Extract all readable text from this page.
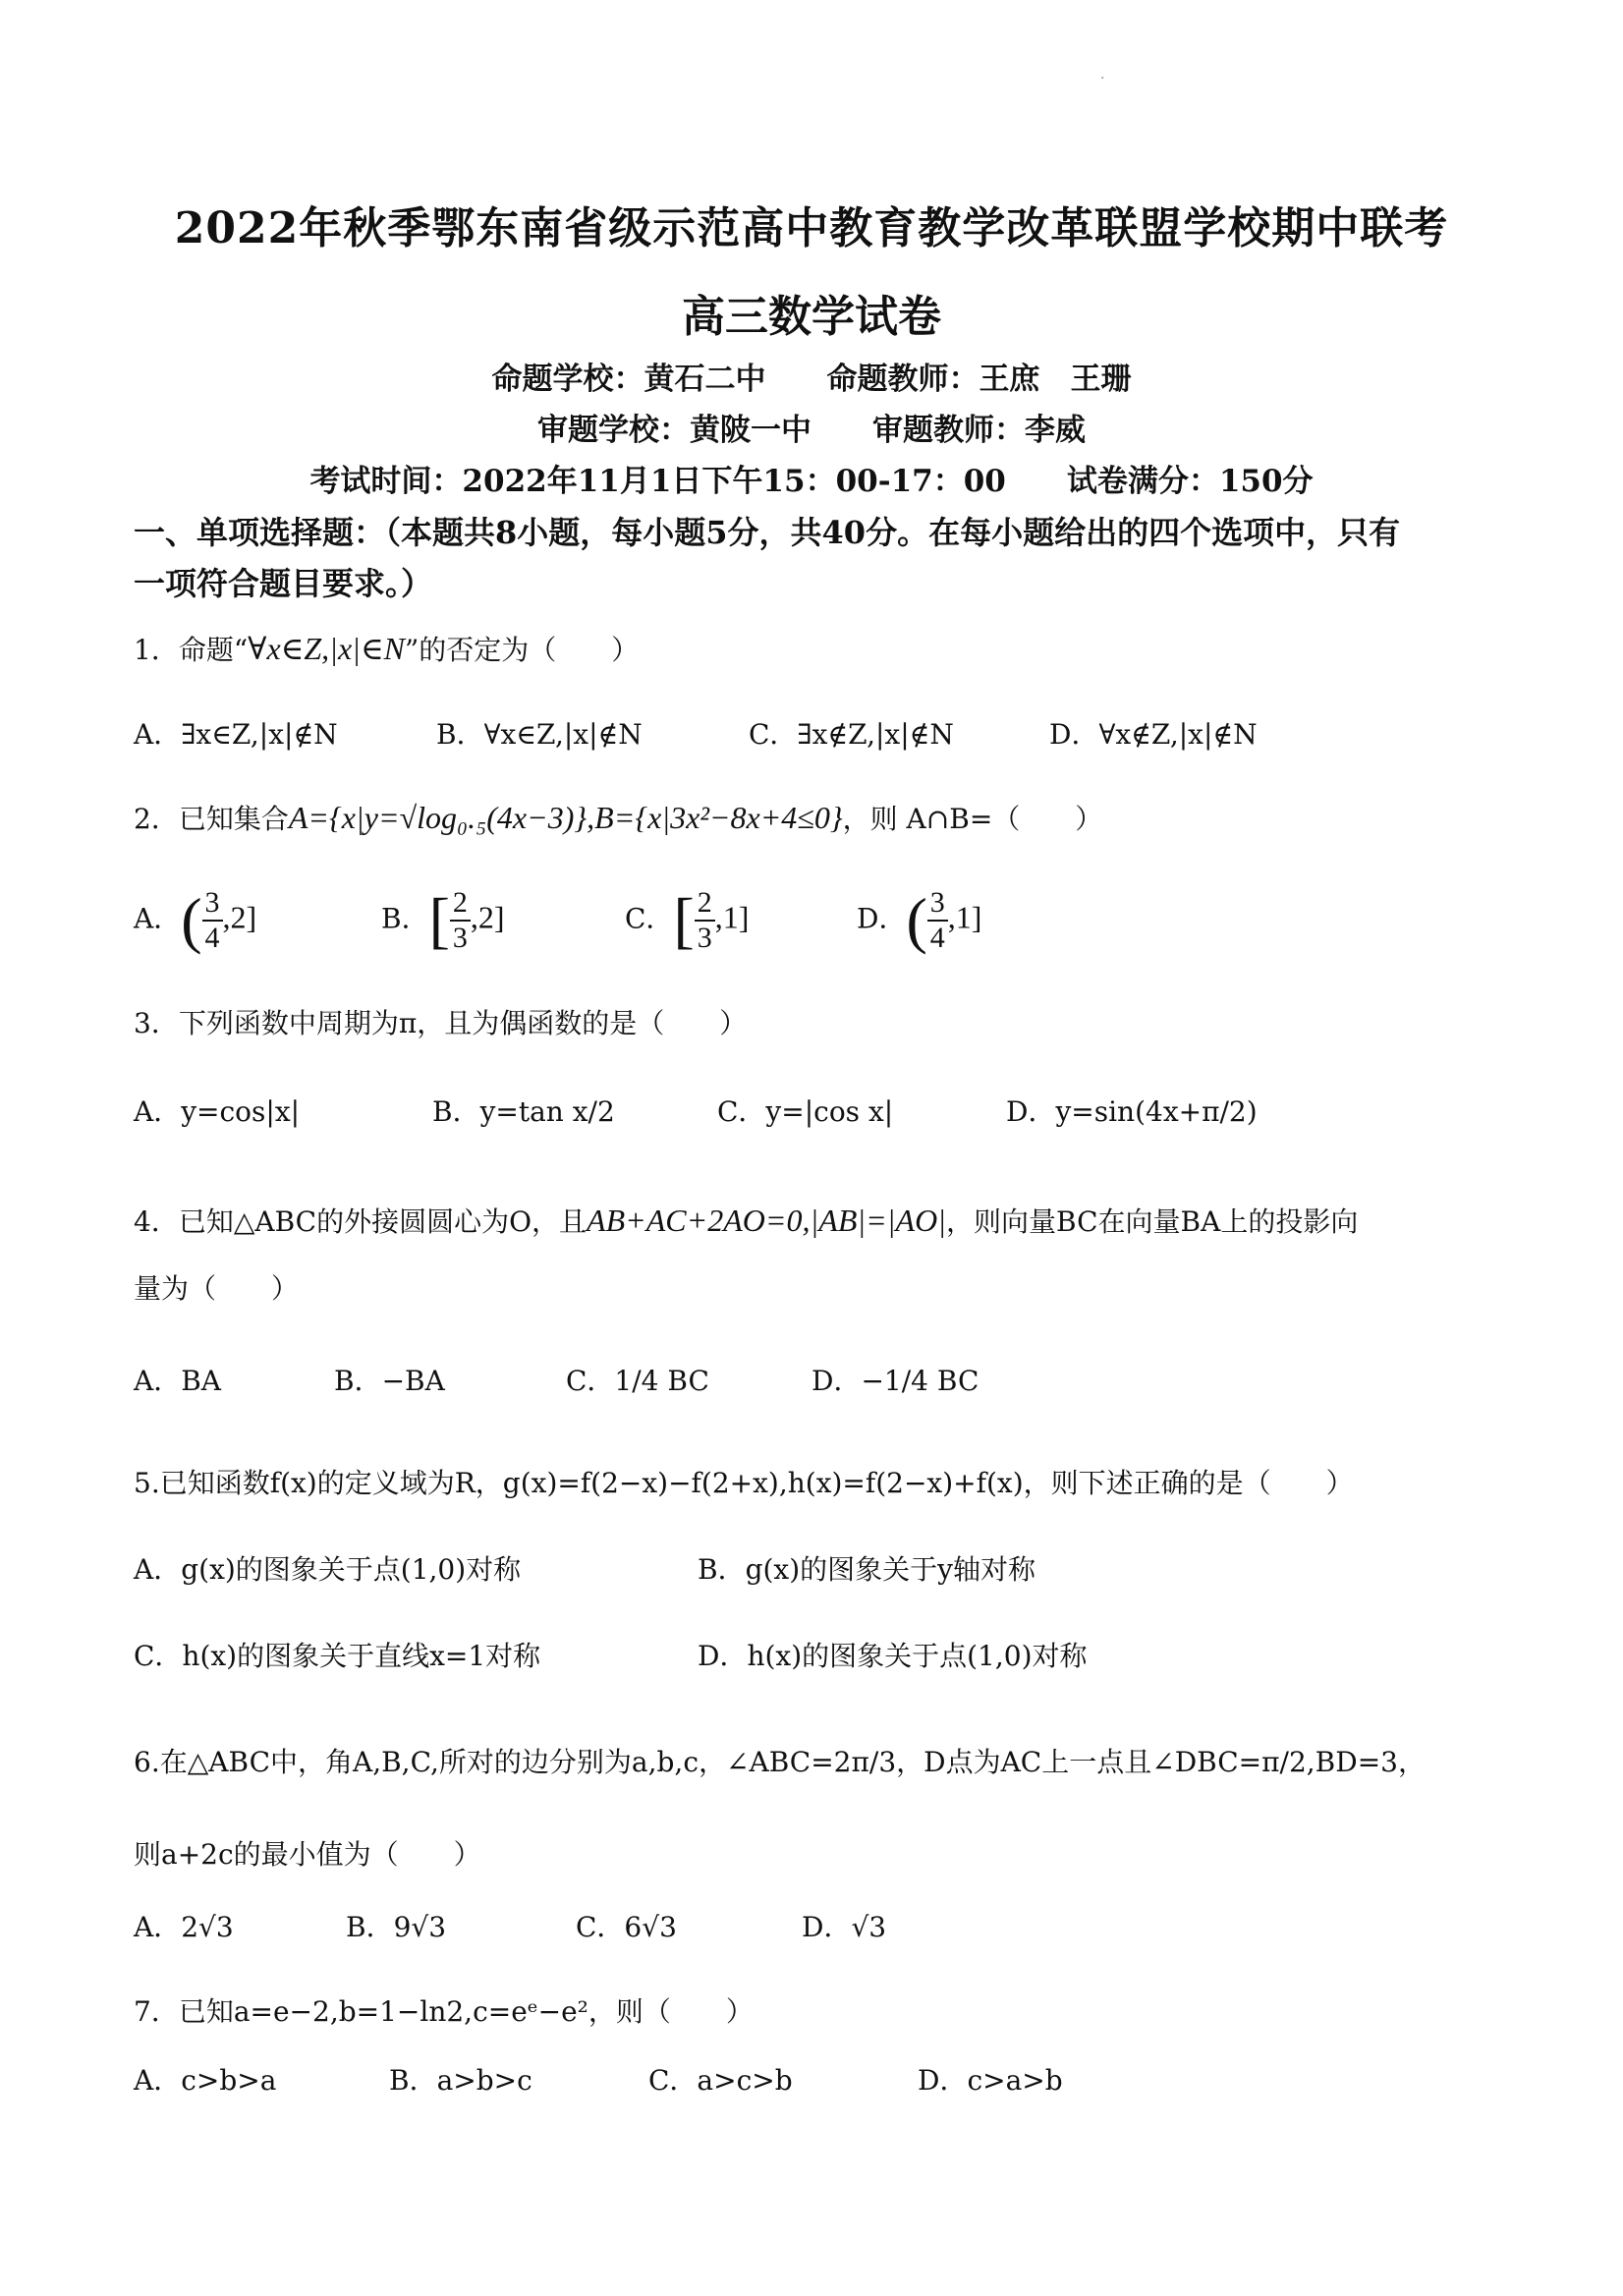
·
2022年秋季鄂东南省级示范高中教育教学改革联盟学校期中联考
高三数学试卷
命题学校：黄石二中　　命题教师：王庶　王珊
审题学校：黄陂一中　　审题教师：李威
考试时间：2022年11月1日下午15：00-17：00　　试卷满分：150分
一、单项选择题：（本题共8小题，每小题5分，共40分。在每小题给出的四个选项中，只有
一项符合题目要求。）
1．命题“∀x∈Z,|x|∈N”的否定为（　　）
A．∃x∈Z,|x|∉N	B．∀x∈Z,|x|∉N	C．∃x∉Z,|x|∉N	D．∀x∉Z,|x|∉N
2．已知集合A={x|y=√log₀.₅(4x−3)},B={x|3x²−8x+4≤0}，则 A∩B=（　　）
A．( $\frac{3}{4} ,2$]	B．[ $\frac{2}{3} ,2$]	C．[ $\frac{2}{3} ,1$]	D．( $\frac{3}{4} ,1$]
3．下列函数中周期为π，且为偶函数的是（　　）
A．y=cos|x|	B．y=tan x/2	C．y=|cos x|	D．y=sin(4x+π/2)
4．已知△ABC的外接圆圆心为O，且AB+AC+2AO=0,|AB|=|AO|，则向量BC在向量BA上的投影向
量为（　　）
A．BA	B．−BA	C．1/4 BC	D．−1/4 BC
5.已知函数f(x)的定义域为R，g(x)=f(2−x)−f(2+x),h(x)=f(2−x)+f(x)，则下述正确的是（　　）
A．g(x)的图象关于点(1,0)对称	B．g(x)的图象关于y轴对称
C．h(x)的图象关于直线x=1对称	D．h(x)的图象关于点(1,0)对称
6.在△ABC中，角A,B,C,所对的边分别为a,b,c，∠ABC=2π/3，D点为AC上一点且∠DBC=π/2,BD=3，
则a+2c的最小值为（　　）
A．2√3	B．9√3	C．6√3	D．√3
7．已知a=e−2,b=1−ln2,c=eᵉ−e²，则（　　）
A．c>b>a	B．a>b>c	C．a>c>b	D．c>a>b
